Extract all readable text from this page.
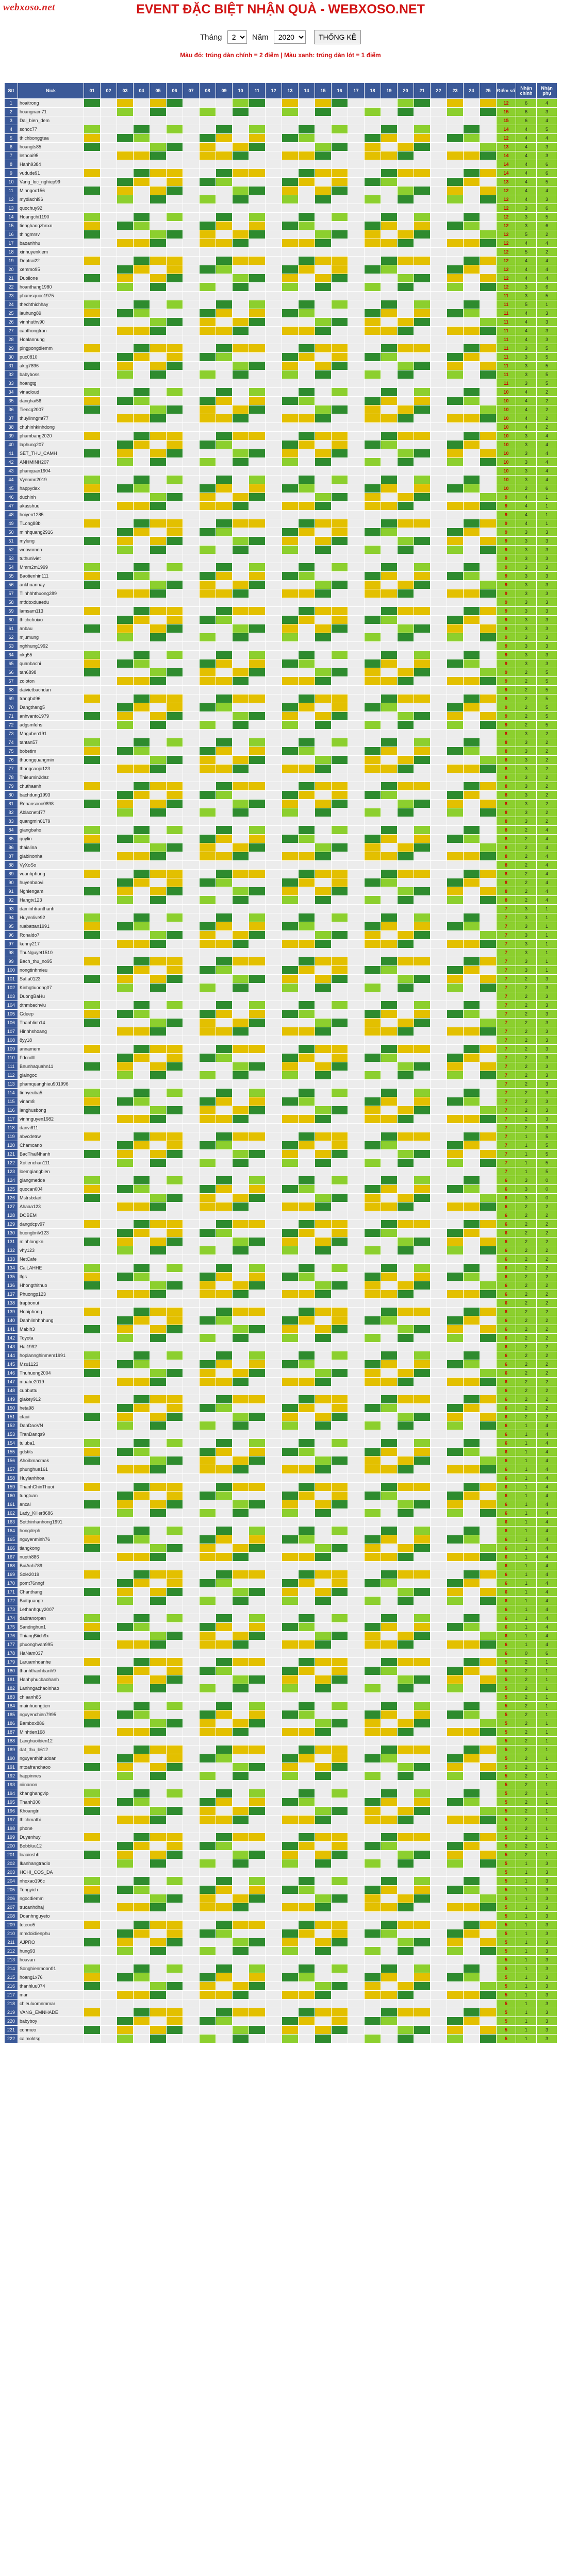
webxoso.net	EVENT ĐẶC BIỆT NHẬN QUÀ - WEBXOSO.NET
Tháng
2	Năm
2020	THỐNG KÊ
Màu đỏ: trúng dàn chính = 2 điểm | Màu xanh: trúng dàn lót = 1 điểm
Stt	Nick	01	02	03	04	05	06	07	08	09	10	11	12	13	14	15	16	17	18	19	20	21	22	23	24	25	Điểm số	Nhận chính	Nhận phụ
1	hoaitrong																										12	6	4
2	hoangnam71																										15	6	3
3	Dai_bien_dem																										15	6	4
4	sohoc77																										14	4	5
5	thichbonggtea																										12	4	4
6	hoangts85																										13	4	3
7	lethoai95																										14	4	3
8	Hanh9384																										14	4	6
9	vudude91																										14	4	6
10	Vang_loc_nghiep99																										13	4	5
11	Minngoc156																										12	4	4
12	mydiachi96																										12	4	3
13	quochuy92																										12	3	6
14	Hoangchi1190																										12	3	5
15	tienghaoqzhnxn																										12	3	6
16	thingmrsv																										12	5	2
17	baoanhhu																										12	4	4
18	xinhuyenkiem																										12	5	2
19	Deptrai22																										12	4	4
20	xemmo95																										12	4	4
21	Duoilone																										12	4	4
22	hoanthang1980																										12	3	6
23	phamsquoc1975																										11	3	5
24	thechthichhay																										11	5	1
25	lauhung89																										11	4	3
26	vinhhuthv90																										11	4	3
27	caothongtran																										11	4	3
28	Hoalannung																										11	4	3
29	pingpongdiemm																										11	3	5
30	puc0810																										11	3	5
31	aktg7896																										11	3	5
32	babyboss																										11	3	5
33	hoangtg																										11	3	5
34	vinacloud																										10	4	2
35	danghai56																										10	4	2
36	Tiencg2007																										10	4	2
37	thuylinngmt77																										10	4	2
38	chuhinhkinhdong																										10	4	2
39	phambang2020																										10	3	4
40	laphung207																										10	3	4
41	SET_THU_CAMH																										10	3	4
42	ANHMINH207																										10	3	4
43	phanquan1904																										10	3	4
44	Vyenmn2019																										10	3	4
45	happydax																										10	2	6
46	duchinh																										9	4	1
47	akasshuu																										9	4	1
48	hoiyen1285																										9	4	1
49	TLong88b																										9	4	1
50	minhquang2916																										9	3	3
51	mylung																										9	3	3
52	woovnmen																										9	3	3
53	tuthuniviet																										9	3	3
54	Mmm2m1999																										9	3	3
55	Baotienhin111																										9	3	3
56	ankhuannay																										9	3	3
57	Tlinhhhthuong289																										9	3	3
58	mtfdoxduaedu																										9	3	3
59	lamsam113																										9	3	3
60	thichchoixo																										9	3	3
61	anbau																										9	3	3
62	mjumung																										9	3	3
63	nghhung1992																										9	3	3
64	nkg55																										9	3	3
65	quanbachi																										9	3	3
66	tan6898																										9	2	5
67	zoloton																										9	2	5
68	daivietbachdan																										9	2	5
69	trangbd96																										9	2	5
70	Dangthang5																										9	2	5
71	anhvanto1979																										9	2	5
72	adgsmfehs																										9	2	5
73	Mnguben191																										8	3	2
74	tantan57																										8	3	2
75	bobetim																										8	3	2
76	thuongquangmin																										8	3	2
77	thongcaojo123																										8	3	2
78	Thieumin2daz																										8	3	2
79	chuthaanh																										8	3	2
80	bachdung1993																										8	3	2
81	Renansooo0898																										8	3	2
82	Ablacnet477																										8	3	2
83	quangmin0179																										8	3	2
84	giangbaho																										8	2	4
85	quylin																										8	2	4
86	thaialina																										8	2	4
87	giabinonha																										8	2	4
88	VyXoSo																										8	2	4
89	vuanhphung																										8	2	4
90	huyenbaovi																										8	2	4
91	Nghiengam																										8	2	4
92	Hangtv123																										8	2	4
93	daminhtranthanh																										7	3	1
94	Huyenlive92																										7	3	1
95	ruabattan1991																										7	3	1
96	Ronaldo7																										7	3	1
97	kenny217																										7	3	1
98	ThuNguyet1510																										7	3	1
99	Bach_thu_no95																										7	3	1
100	nongtinhmieu																										7	3	1
101	Sal.a0123																										7	2	3
102	Kinhgtiuoong07																										7	2	3
103	DuongBaHu																										7	2	3
104	dthmbachviu																										7	2	3
105	Gdeep																										7	2	3
106	Thanhlinh14																										7	2	3
107	Hinhhshoang																										7	2	3
108	8yy18																										7	2	3
109	annamem																										7	2	3
110	Fdcndll																										7	2	3
111	Bnunhaquahn11																										7	2	3
112	giaingoc																										7	2	3
113	phamquanghieu901996																										7	2	3
114	tinhyeuba5																										7	2	3
115	vinam8																										7	2	3
116	langhusbong																										7	2	3
117	vinhnguyen1982																										7	2	3
118	danvi811																										7	2	3
119	abvcdetrw																										7	1	5
120	Chamcano																										7	1	5
121	BacThaiNhanh																										7	1	5
122	Xotienchan111																										7	1	5
123	loemgiangbien																										7	1	5
124	giangmedde																										6	3	0
125	quocan004																										6	3	0
126	Mstrsbdart																										6	3	0
127	Ahaaa123																										6	2	2
128	DOBEM																										6	2	2
129	dangdcpv97																										6	2	2
130	buongbnlv123																										6	2	2
131	minhlongkn																										6	2	2
132	vhy123																										6	2	2
133	NetCafe																										6	2	2
134	CaiLAHHE																										6	2	2
135	lfgs																										6	2	2
136	Hhongthithuo																										6	2	2
137	Phuongp123																										6	2	2
138	trapbonui																										6	2	2
139	Hoaiphong																										6	2	2
140	Danhlinhhhhung																										6	2	2
141	Mabih3																										6	2	2
142	Toyota																										6	2	2
143	Hai1992																										6	2	2
144	hoplannghinmem1991																										6	2	2
145	Mzu1123																										6	2	2
146	Thuhuong2004																										6	2	2
147	muahe2019																										6	2	2
148	cubbuttu																										6	2	2
149	giakey912																										6	2	2
150	heta98																										6	2	2
151	cfaui																										6	2	2
152	DanDaoVN																										6	1	4
153	TranDanqs9																										6	1	4
154	tuluba1																										6	1	4
155	gdstits																										6	1	4
156	Ahoibmacmak																										6	1	4
157	phunghue161																										6	1	4
158	Huylanhhoa																										6	1	4
159	ThanhChinThuoi																										6	1	4
160	tungtuan																										6	1	4
161	ancal																										6	1	4
162	Lady_Killer8686																										6	1	4
163	Sotthinhanhong1991																										6	1	4
164	hongdeph																										6	1	4
165	nguyenminh76																										6	1	4
166	tiangkong																										6	1	4
167	nuoth886																										6	1	4
168	BuiAnh789																										6	1	4
169	Sole2019																										6	1	4
170	pomt76nngf																										6	1	4
171	Chanthang																										6	1	4
172	Buitquangtr																										6	1	4
173	Lethanhquy2007																										6	1	4
174	dadranorpan																										6	1	4
175	Sandnghun1																										6	1	4
176	ThiangBiich9x																										6	1	4
177	phuonghvan995																										6	1	4
178	HaNam037																										6	0	6
179	Laruamhoanhe																										5	2	1
180	thanhthanhbanh9																										5	2	1
181	Hanhphucbaohanh																										5	2	1
182	Lanhngachaoinhao																										5	2	1
183	chiaanh86																										5	2	1
184	mainhuongtien																										5	2	1
185	nguyenchien7995																										5	2	1
186	Bambox886																										5	2	1
187	Minhtien168																										5	2	1
188	Langhuoibien12																										5	2	1
189	dat_thu_b612																										5	2	1
190	nguyenthithudoan																										5	2	1
191	mtoafranchaoo																										5	2	1
192	happinnes																										5	2	1
193	niinanon																										5	2	1
194	khanghangvip																										5	2	1
195	Thanh300																										5	2	1
196	Khoangtri																										5	2	1
197	thichmatbi																										5	2	1
198	phone																										5	2	1
199	Duyenhuy																										5	2	1
200	Bobbluu12																										5	2	1
201	loaaioshh																										5	2	1
202	Ikanhangtradio																										5	1	3
203	HOHI_COS_DA																										5	1	3
204	nhoxao196c																										5	1	3
205	Tongyich																										5	1	3
206	ngocdiemm																										5	1	3
207	trucanhdhaj																										5	1	3
208	Doanhnguyeto																										5	1	3
209	toteoo5																										5	1	3
210	mmdoidienphu																										5	1	3
211	AJPRO																										5	1	3
212	hung93																										5	1	3
213	hoavan																										5	1	3
214	Songhienmoon01																										5	1	3
215	hoang1x76																										5	1	3
216	thanhluu074																										5	1	3
217	mar																										5	1	3
218	chieuluomnmmar																										5	1	3
219	VANG_EMNHADE																										5	1	3
220	babyboy																										5	1	3
221	conmeo																										5	1	3
222	caimoktsg																										5	1	3
